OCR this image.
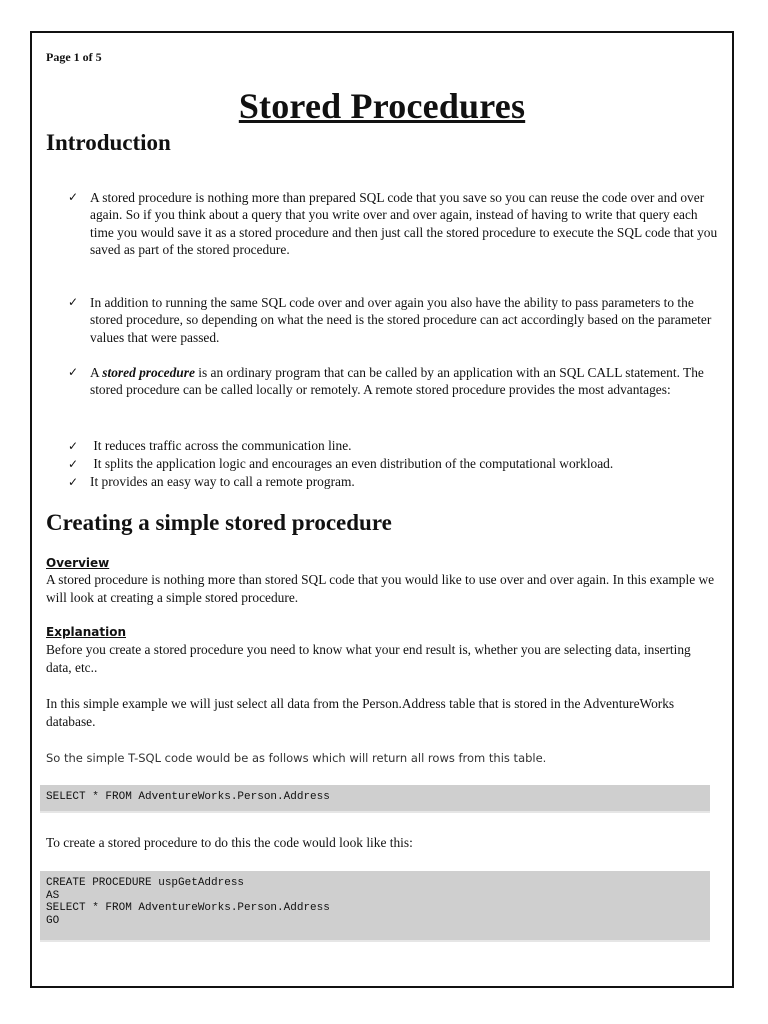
Page 1 of 5
Stored Procedures
Introduction
✓ A stored procedure is nothing more than prepared SQL code that you save so you can reuse the code over and over again. So if you think about a query that you write over and over again, instead of having to write that query each time you would save it as a stored procedure and then just call the stored procedure to execute the SQL code that you saved as part of the stored procedure.
✓ In addition to running the same SQL code over and over again you also have the ability to pass parameters to the stored procedure, so depending on what the need is the stored procedure can act accordingly based on the parameter values that were passed.
✓ A stored procedure is an ordinary program that can be called by an application with an SQL CALL statement. The stored procedure can be called locally or remotely. A remote stored procedure provides the most advantages:
✓ It reduces traffic across the communication line.
✓ It splits the application logic and encourages an even distribution of the computational workload.
✓ It provides an easy way to call a remote program.
Creating a simple stored procedure
Overview
A stored procedure is nothing more than stored SQL code that you would like to use over and over again. In this example we will look at creating a simple stored procedure.
Explanation
Before you create a stored procedure you need to know what your end result is, whether you are selecting data, inserting data, etc..
In this simple example we will just select all data from the Person.Address table that is stored in the AdventureWorks database.
So the simple T-SQL code would be as follows which will return all rows from this table.
SELECT * FROM AdventureWorks.Person.Address
To create a stored procedure to do this the code would look like this:
CREATE PROCEDURE uspGetAddress
AS
SELECT * FROM AdventureWorks.Person.Address
GO
